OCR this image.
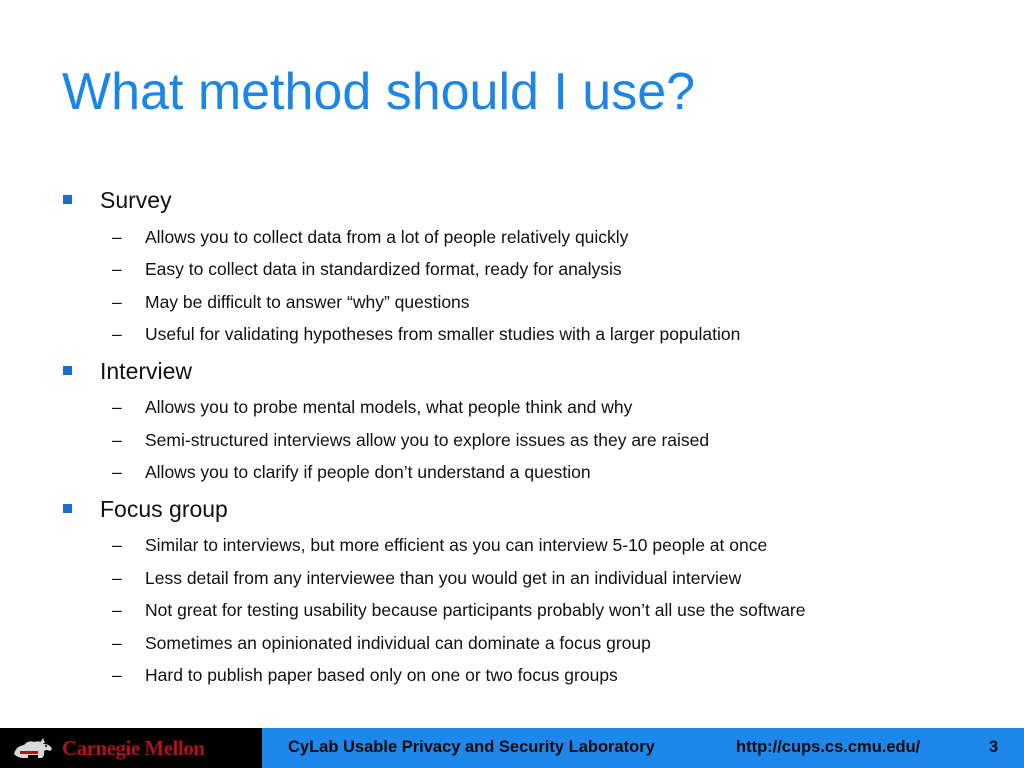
What method should I use?
Survey
– Allows you to collect data from a lot of people relatively quickly
– Easy to collect data in standardized format, ready for analysis
– May be difficult to answer “why” questions
– Useful for validating hypotheses from smaller studies with a larger population
Interview
– Allows you to probe mental models, what people think and why
– Semi-structured interviews allow you to explore issues as they are raised
– Allows you to clarify if people don’t understand a question
Focus group
– Similar to interviews, but more efficient as you can interview 5-10 people at once
– Less detail from any interviewee than you would get in an individual interview
– Not great for testing usability because participants probably won’t all use the software
– Sometimes an opinionated individual can dominate a focus group
– Hard to publish paper based only on one or two focus groups
Carnegie Mellon	CyLab Usable Privacy and Security Laboratory	http://cups.cs.cmu.edu/	3
